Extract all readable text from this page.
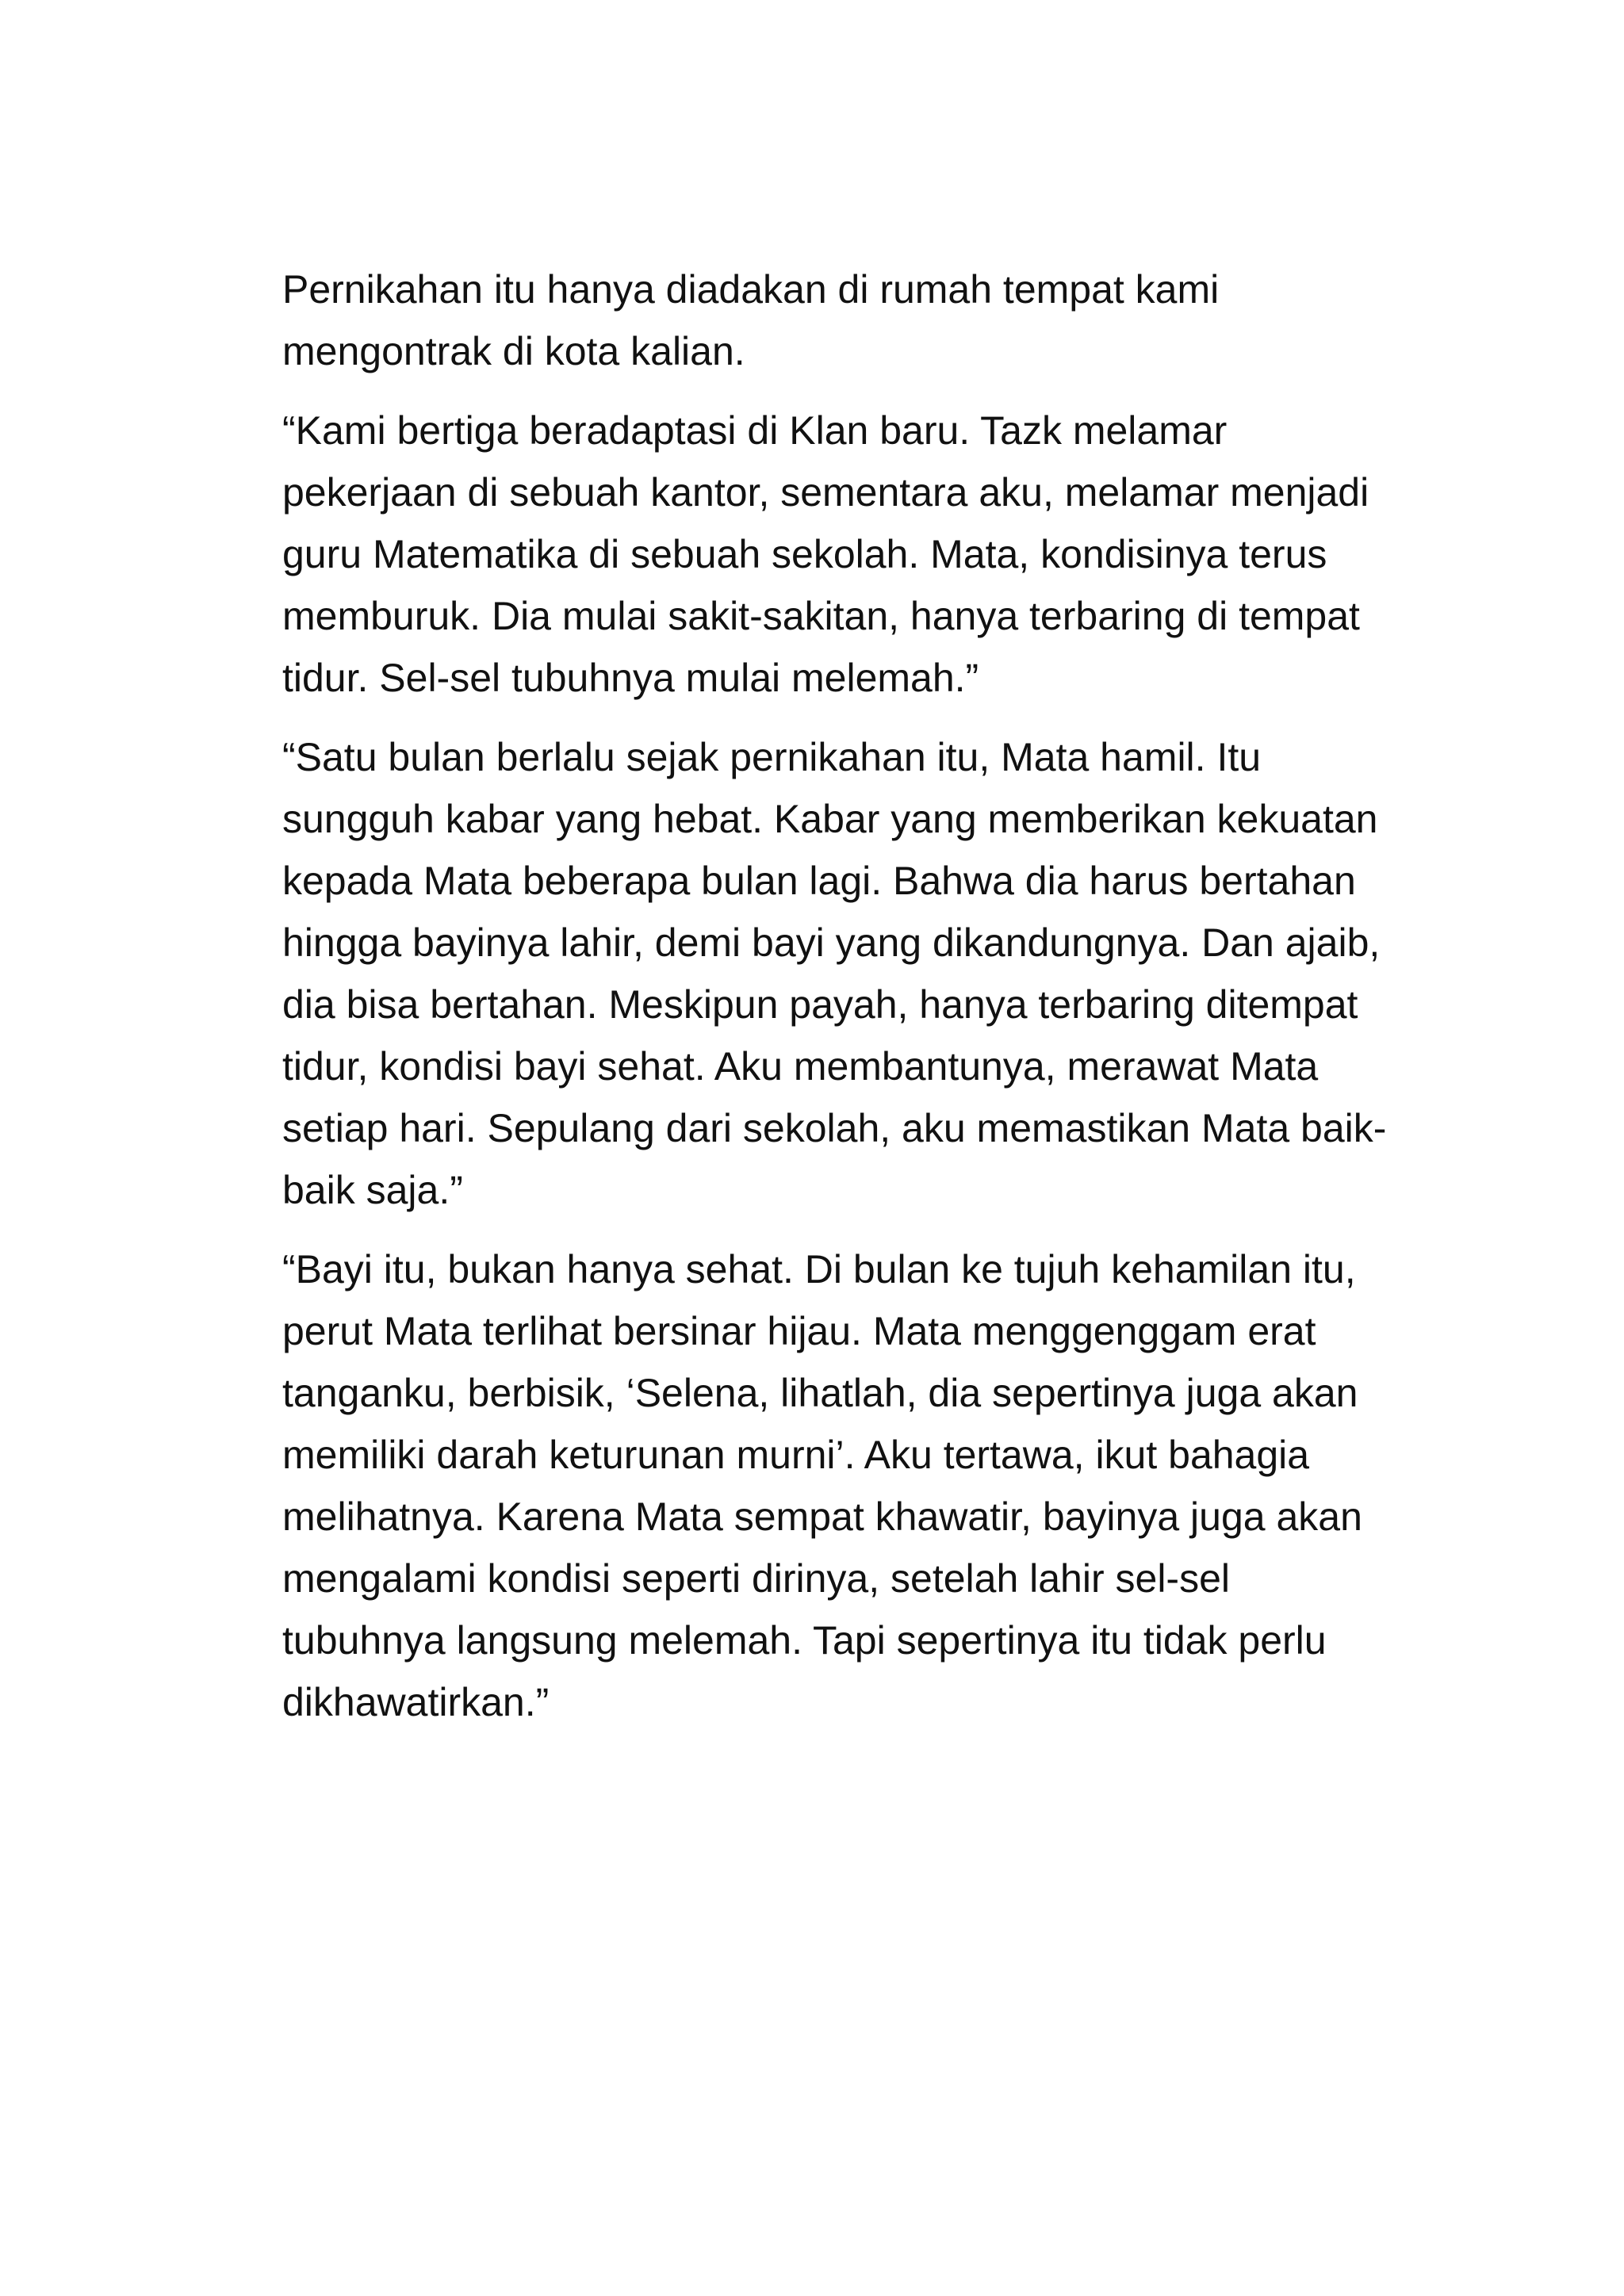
Pernikahan itu hanya diadakan di rumah tempat kami mengontrak di kota kalian.

“Kami bertiga beradaptasi di Klan baru. Tazk melamar pekerjaan di sebuah kantor, sementara aku, melamar menjadi guru Matematika di sebuah sekolah. Mata, kondisinya terus memburuk. Dia mulai sakit-sakitan, hanya terbaring di tempat tidur. Sel-sel tubuhnya mulai melemah.”

“Satu bulan berlalu sejak pernikahan itu, Mata hamil. Itu sungguh kabar yang hebat. Kabar yang memberikan kekuatan kepada Mata beberapa bulan lagi. Bahwa dia harus bertahan hingga bayinya lahir, demi bayi yang dikandungnya. Dan ajaib, dia bisa bertahan. Meskipun payah, hanya terbaring ditempat tidur, kondisi bayi sehat. Aku membantunya, merawat Mata setiap hari. Sepulang dari sekolah, aku memastikan Mata baik-baik saja.”

“Bayi itu, bukan hanya sehat. Di bulan ke tujuh kehamilan itu, perut Mata terlihat bersinar hijau. Mata menggenggam erat tanganku, berbisik, ‘Selena, lihatlah, dia sepertinya juga akan memiliki darah keturunan murni’. Aku tertawa, ikut bahagia melihatnya. Karena Mata sempat khawatir, bayinya juga akan mengalami kondisi seperti dirinya, setelah lahir sel-sel tubuhnya langsung melemah. Tapi sepertinya itu tidak perlu dikhawatirkan.”
